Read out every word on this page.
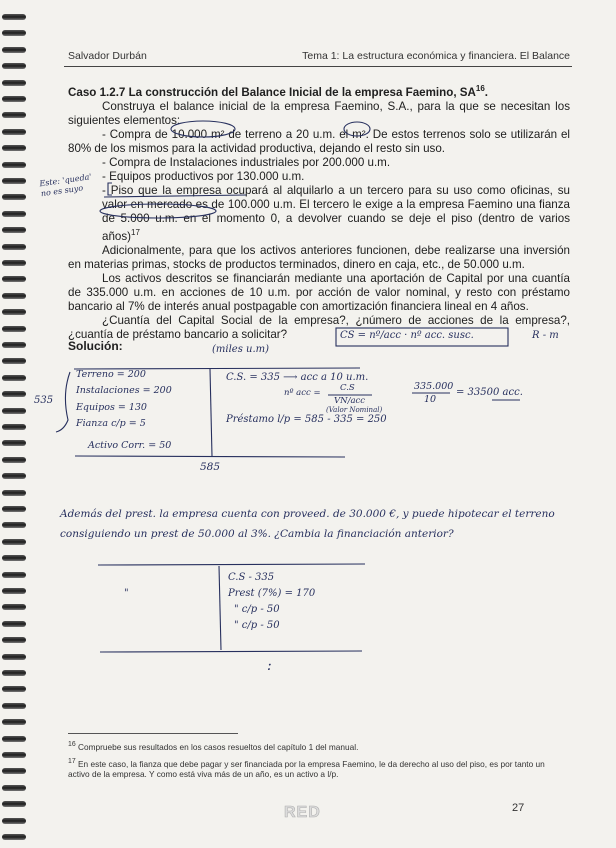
Salvador Durbán	Tema 1: La estructura económica y financiera. El Balance

Caso 1.2.7 La construcción del Balance Inicial de la empresa Faemino, SA$^{16}$.

Construya el balance inicial de la empresa Faemino, S.A., para la que se necesitan los siguientes elementos:

- Compra de 10.000 m² de terreno a 20 u.m. el m². De estos terrenos solo se utilizarán el 80% de los mismos para la actividad productiva, dejando el resto sin uso.

- Compra de Instalaciones industriales por 200.000 u.m.

- Equipos productivos por 130.000 u.m.

- Piso que la empresa ocupará al alquilarlo a un tercero para su uso como oficinas, su valor en mercado es de 100.000 u.m. El tercero le exige a la empresa Faemino una fianza de 5.000 u.m. en el momento 0, a devolver cuando se deje el piso (dentro de varios años)$^{17}$

Adicionalmente, para que los activos anteriores funcionen, debe realizarse una inversión en materias primas, stocks de productos terminados, dinero en caja, etc., de 50.000 u.m.

Los activos descritos se financiarán mediante una aportación de Capital por una cuantía de 335.000 u.m. en acciones de 10 u.m. por acción de valor nominal, y resto con préstamo bancario al 7% de interés anual postpagable con amortización financiera lineal en 4 años.

¿Cuantía del Capital Social de la empresa?, ¿número de acciones de la empresa?, ¿cuantía de préstamo bancario a solicitar?

Solución:
Este: 'queda' no es suyo
CS = nº/acc · nº acc. susc.	R - m
(miles u.m)
Terreno = 200
Instalaciones = 200
Equipos = 130
Fianza c/p = 5
Activo Corr. = 50
535
C.S. = 335 ⟶ acc a 10 u.m.
nº acc = C.S
VN/acc
(Valor Nominal)
335.000
10
= 33500 acc.
Préstamo l/p = 585 - 335 = 250
585
Además del prest. la empresa cuenta con proveed. de 30.000 €, y puede hipotecar el terreno consiguiendo un prest de 50.000 al 3%. ¿Cambia la financiación anterior?
"
C.S - 335
Prest (7%) = 170
" c/p - 50
" c/p - 50
:
$^{16}$ Compruebe sus resultados en los casos resueltos del capítulo 1 del manual.
$^{17}$ En este caso, la fianza que debe pagar y ser financiada por la empresa Faemino, le da derecho al uso del piso, es por tanto un activo de la empresa. Y como está viva más de un año, es un activo a l/p.
27
RED
